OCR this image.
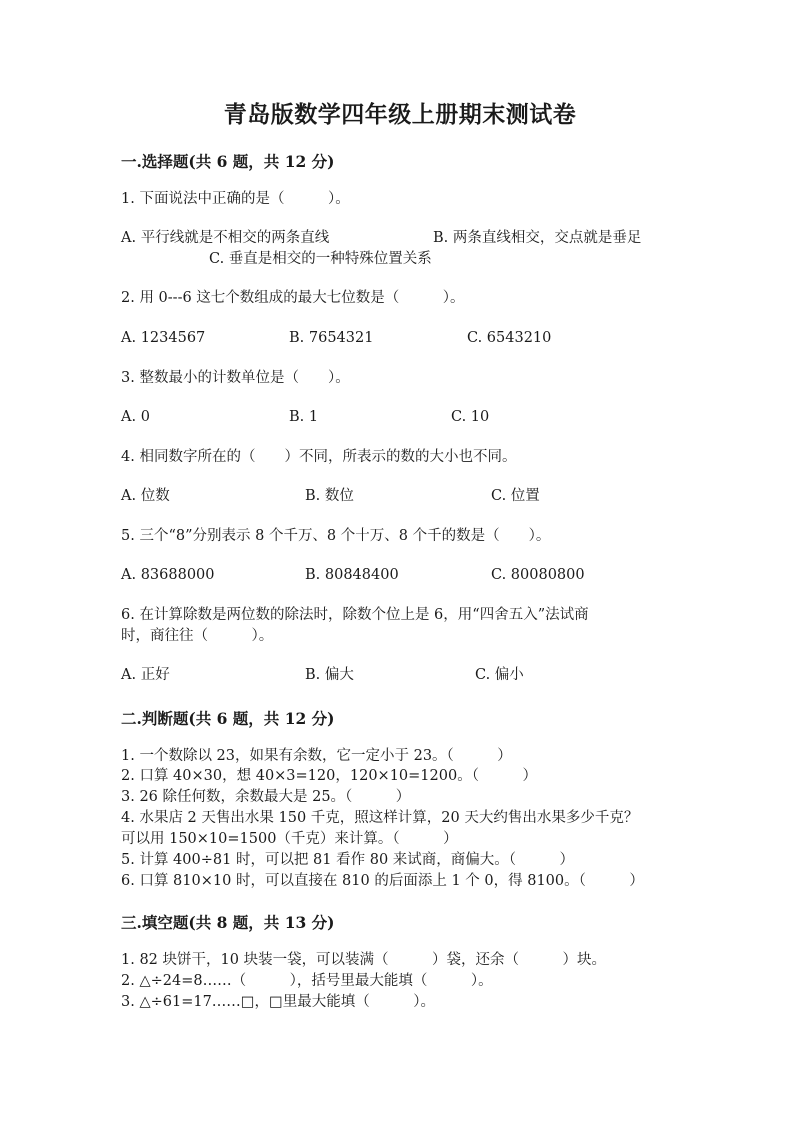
青岛版数学四年级上册期末测试卷
一.选择题(共 6 题，共 12 分)
1. 下面说法中正确的是（　　　）。
A. 平行线就是不相交的两条直线	B. 两条直线相交，交点就是垂足
C. 垂直是相交的一种特殊位置关系
2. 用 0---6 这七个数组成的最大七位数是（　　　）。
A. 1234567	B. 7654321	C. 6543210
3. 整数最小的计数单位是（　　）。
A. 0	B. 1	C. 10
4. 相同数字所在的（　　）不同，所表示的数的大小也不同。
A. 位数	B. 数位	C. 位置
5. 三个“8”分别表示 8 个千万、8 个十万、8 个千的数是（　　）。
A. 83688000	B. 80848400	C. 80080800
6. 在计算除数是两位数的除法时，除数个位上是 6，用“四舍五入”法试商
时，商往往（　　　）。
A. 正好	B. 偏大	C. 偏小
二.判断题(共 6 题，共 12 分)
1. 一个数除以 23，如果有余数，它一定小于 23。（　　　）
2. 口算 40×30，想 40×3=120，120×10=1200。（　　　）
3. 26 除任何数，余数最大是 25。（　　　）
4. 水果店 2 天售出水果 150 千克，照这样计算，20 天大约售出水果多少千克？
可以用 150×10=1500（千克）来计算。（　　　）
5. 计算 400÷81 时，可以把 81 看作 80 来试商，商偏大。（　　　）
6. 口算 810×10 时，可以直接在 810 的后面添上 1 个 0，得 8100。（　　　）
三.填空题(共 8 题，共 13 分)
1. 82 块饼干，10 块装一袋，可以装满（　　　）袋，还余（　　　）块。
2. △÷24=8……（　　　），括号里最大能填（　　　）。
3. △÷61=17……□，□里最大能填（　　　）。
